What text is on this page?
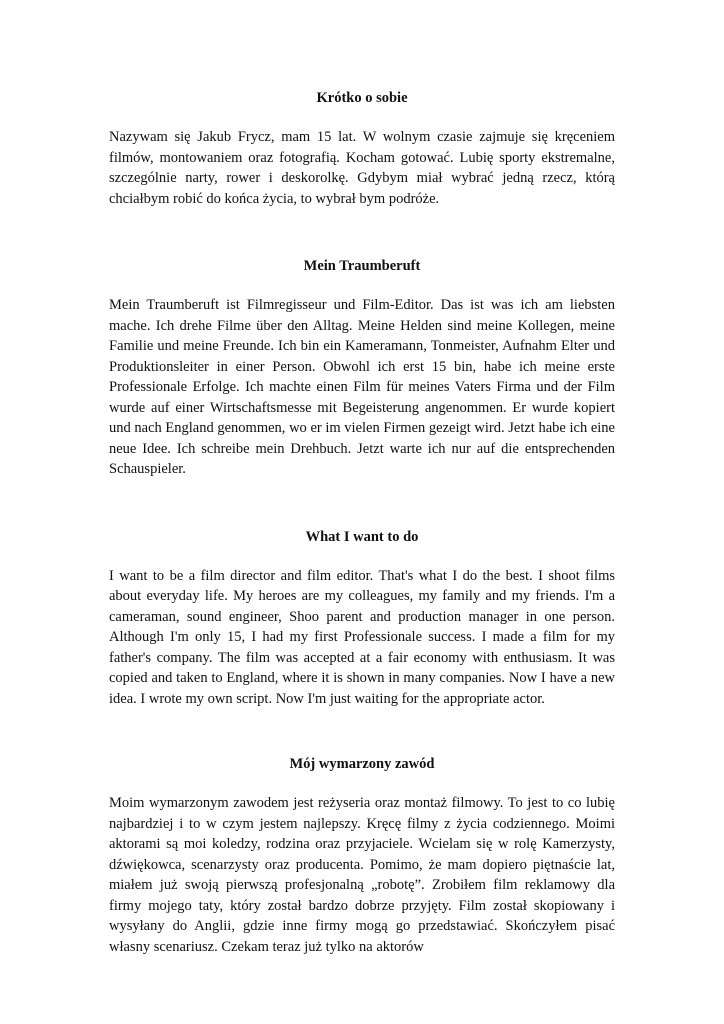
Krótko o sobie

Nazywam się Jakub Frycz, mam 15 lat. W wolnym czasie zajmuje się kręceniem filmów, montowaniem oraz fotografią. Kocham gotować. Lubię sporty ekstremalne, szczególnie narty, rower i deskorolkę. Gdybym miał wybrać jedną rzecz, którą chciałbym robić do końca życia, to wybrał bym podróże.

Mein Traumberuft

Mein Traumberuft ist Filmregisseur und Film-Editor. Das ist was ich am liebsten mache. Ich drehe Filme über den Alltag. Meine Helden sind meine Kollegen, meine Familie und meine Freunde. Ich bin ein Kameramann, Tonmeister, Aufnahm Elter und Produktionsleiter in einer Person. Obwohl ich erst 15 bin, habe ich meine erste Professionale Erfolge. Ich machte einen Film für meines Vaters Firma und der Film wurde auf einer Wirtschaftsmesse mit Begeisterung angenommen. Er wurde kopiert und nach England genommen, wo er im vielen Firmen gezeigt wird. Jetzt habe ich eine neue Idee. Ich schreibe mein Drehbuch. Jetzt warte ich nur auf die entsprechenden Schauspieler.

What I want to do

I want to be a film director and film editor. That's what I do the best. I shoot films about everyday life. My heroes are my colleagues, my family and my friends. I'm a cameraman, sound engineer, Shoo parent and production manager in one person. Although I'm only 15, I had my first Professionale success. I made a film for my father's company. The film was accepted at a fair economy with enthusiasm. It was copied and taken to England, where it is shown in many companies. Now I have a new idea. I wrote my own script. Now I'm just waiting for the appropriate actor.

Mój wymarzony zawód

Moim wymarzonym zawodem jest reżyseria oraz montaż filmowy. To jest to co lubię najbardziej i to w czym jestem najlepszy. Kręcę filmy z życia codziennego. Moimi aktorami są moi koledzy, rodzina oraz przyjaciele. Wcielam się w rolę Kamerzysty, dźwiękowca, scenarzysty oraz producenta. Pomimo, że mam dopiero piętnaście lat, miałem już swoją pierwszą profesjonalną „robotę”. Zrobiłem film reklamowy dla firmy mojego taty, który został bardzo dobrze przyjęty. Film został skopiowany i wysyłany do Anglii, gdzie inne firmy mogą go przedstawiać. Skończyłem pisać własny scenariusz. Czekam teraz już tylko na aktorów
